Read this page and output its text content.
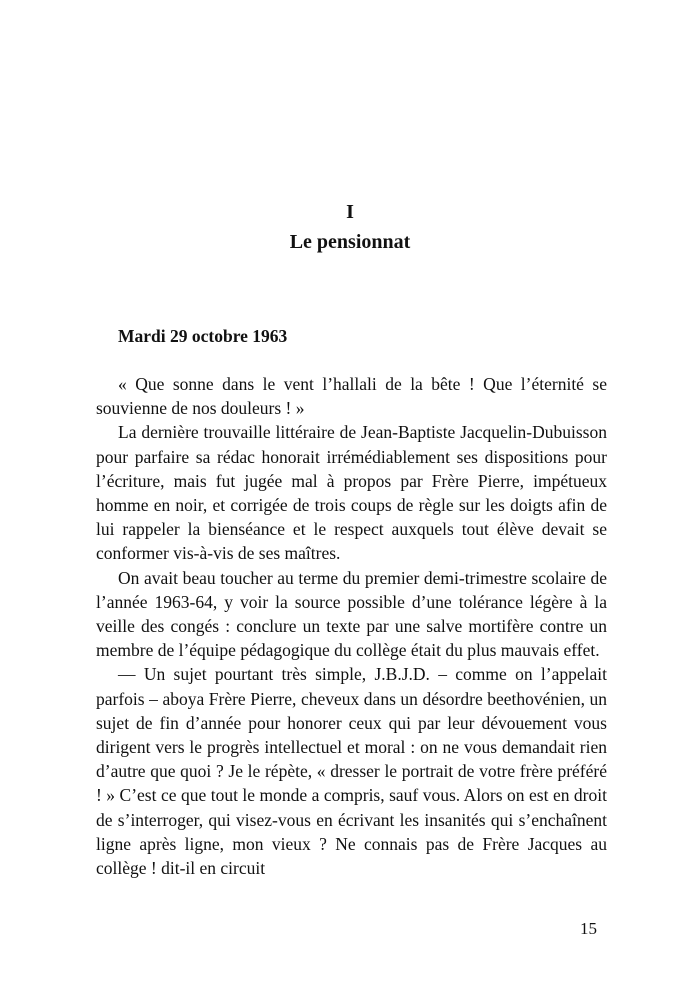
I
Le pensionnat
Mardi 29 octobre 1963

« Que sonne dans le vent l’hallali de la bête ! Que l’éternité se souvienne de nos douleurs ! »

La dernière trouvaille littéraire de Jean-Baptiste Jacquelin-Dubuisson pour parfaire sa rédac honorait irrémédiablement ses dispositions pour l’écriture, mais fut jugée mal à propos par Frère Pierre, impétueux homme en noir, et corrigée de trois coups de règle sur les doigts afin de lui rappeler la bienséance et le respect auxquels tout élève devait se conformer vis-à-vis de ses maîtres.

On avait beau toucher au terme du premier demi-trimestre scolaire de l’année 1963-64, y voir la source possible d’une tolérance légère à la veille des congés : conclure un texte par une salve mortifère contre un membre de l’équipe pédagogique du collège était du plus mauvais effet.

— Un sujet pourtant très simple, J.B.J.D. – comme on l’appelait parfois – aboya Frère Pierre, cheveux dans un désordre beethovénien, un sujet de fin d’année pour honorer ceux qui par leur dévouement vous dirigent vers le progrès intellectuel et moral : on ne vous demandait rien d’autre que quoi ? Je le répète, « dresser le portrait de votre frère préféré ! » C’est ce que tout le monde a compris, sauf vous. Alors on est en droit de s’interroger, qui visez-vous en écrivant les insanités qui s’enchaînent ligne après ligne, mon vieux ? Ne connais pas de Frère Jacques au collège ! dit-il en circuit

15
